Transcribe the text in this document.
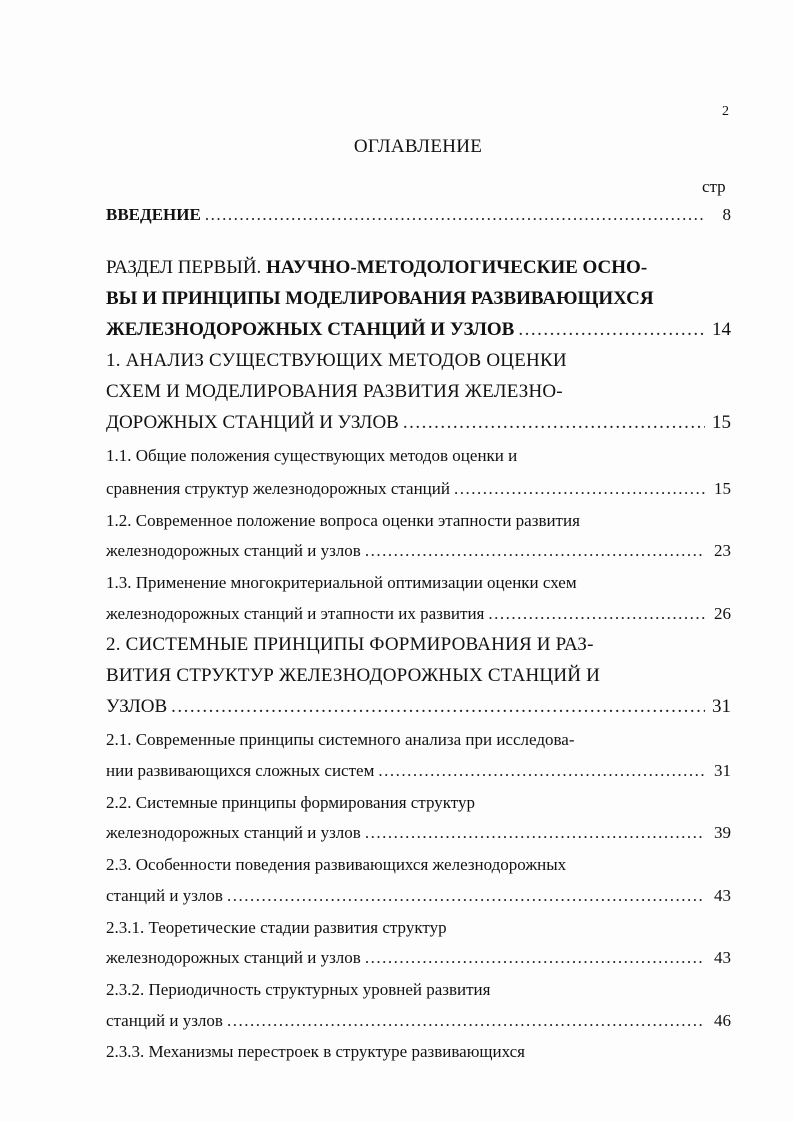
2
ОГЛАВЛЕНИЕ
стр
ВВЕДЕНИЕ .....	8
РАЗДЕЛ ПЕРВЫЙ. НАУЧНО-МЕТОДОЛОГИЧЕСКИЕ ОСНО-
ВЫ И ПРИНЦИПЫ МОДЕЛИРОВАНИЯ РАЗВИВАЮЩИХСЯ
ЖЕЛЕЗНОДОРОЖНЫХ СТАНЦИЙ И УЗЛОВ .....	14
1. АНАЛИЗ СУЩЕСТВУЮЩИХ МЕТОДОВ ОЦЕНКИ
СХЕМ И МОДЕЛИРОВАНИЯ РАЗВИТИЯ ЖЕЛЕЗНО-
ДОРОЖНЫХ СТАНЦИЙ И УЗЛОВ .....	15
1.1. Общие положения существующих методов оценки и
сравнения структур железнодорожных станций .....	15
1.2. Современное положение вопроса оценки этапности развития
железнодорожных станций и узлов .....	23
1.3. Применение многокритериальной оптимизации оценки схем
железнодорожных станций и этапности их развития .....	26
2. СИСТЕМНЫЕ ПРИНЦИПЫ ФОРМИРОВАНИЯ И РАЗ-
ВИТИЯ СТРУКТУР ЖЕЛЕЗНОДОРОЖНЫХ СТАНЦИЙ И
УЗЛОВ .....	31
2.1. Современные принципы системного анализа при исследова-
нии развивающихся сложных систем .....	31
2.2. Системные принципы формирования структур
железнодорожных станций и узлов .....	39
2.3. Особенности поведения развивающихся железнодорожных
станций и узлов .....	43
2.3.1. Теоретические стадии развития структур
железнодорожных станций и узлов .....	43
2.3.2. Периодичность структурных уровней развития
станций и узлов .....	46
2.3.3. Механизмы перестроек в структуре развивающихся
